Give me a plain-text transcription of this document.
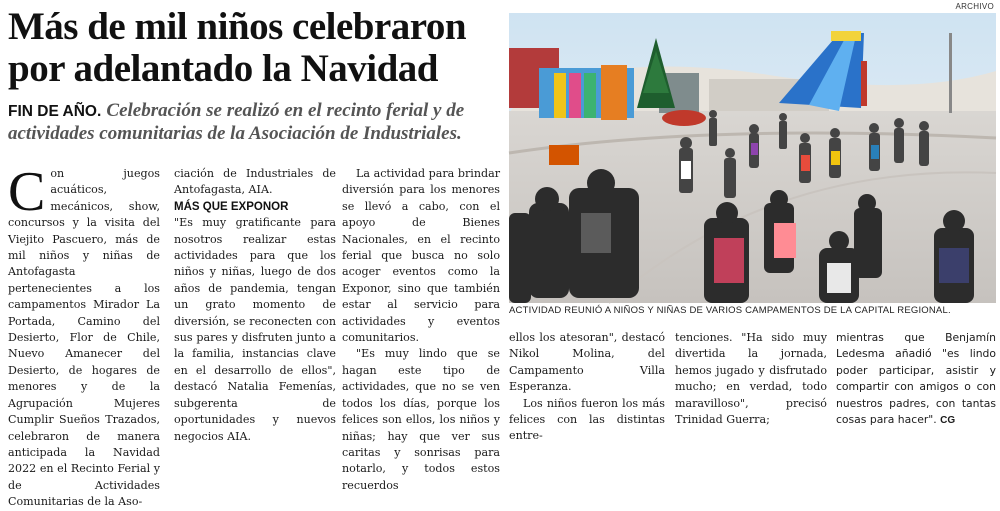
ARCHIVO
Más de mil niños celebraron por adelantado la Navidad
FIN DE AÑO. Celebración se realizó en el recinto ferial y de actividades comunitarias de la Asociación de Industriales.

Con juegos acuáticos, mecánicos, show, concursos y la visita del Viejito Pascuero, más de mil niños y niñas de Antofagasta pertenecientes a los campamentos Mirador La Portada, Camino del Desierto, Flor de Chile, Nuevo Amanecer del Desierto, de hogares de menores y de la Agrupación Mujeres Cumplir Sueños Trazados, celebraron de manera anticipada la Navidad 2022 en el Recinto Ferial y de Actividades Comunitarias de la Aso-

ciación de Industriales de Antofagasta, AIA.

MÁS QUE EXPONOR

"Es muy gratificante para nosotros realizar estas actividades para que los niños y niñas, luego de dos años de pandemia, tengan un grato momento de diversión, se reconecten con sus pares y disfruten junto a la familia, instancias clave en el desarrollo de ellos", destacó Natalia Femenías, subgerenta de oportunidades y nuevos negocios AIA.

La actividad para brindar diversión para los menores se llevó a cabo, con el apoyo de Bienes Nacionales, en el recinto ferial que busca no solo acoger eventos como la Exponor, sino que también estar al servicio para actividades y eventos comunitarios.

"Es muy lindo que se hagan este tipo de actividades, que no se ven todos los días, porque los felices son ellos, los niños y niñas; hay que ver sus caritas y sonrisas para notarlo, y todos estos recuerdos

ACTIVIDAD REUNIÓ A NIÑOS Y NIÑAS DE VARIOS CAMPAMENTOS DE LA CAPITAL REGIONAL.

ellos los atesoran", destacó Nikol Molina, del Campamento Villa Esperanza.

Los niños fueron los más felices con las distintas entre-

tenciones. "Ha sido muy divertida la jornada, hemos jugado y disfrutado mucho; en verdad, todo maravilloso", precisó Trinidad Guerra;

mientras que Benjamín Ledesma añadió "es lindo poder participar, asistir y compartir con amigos o con nuestros padres, con tantas cosas para hacer". CG
